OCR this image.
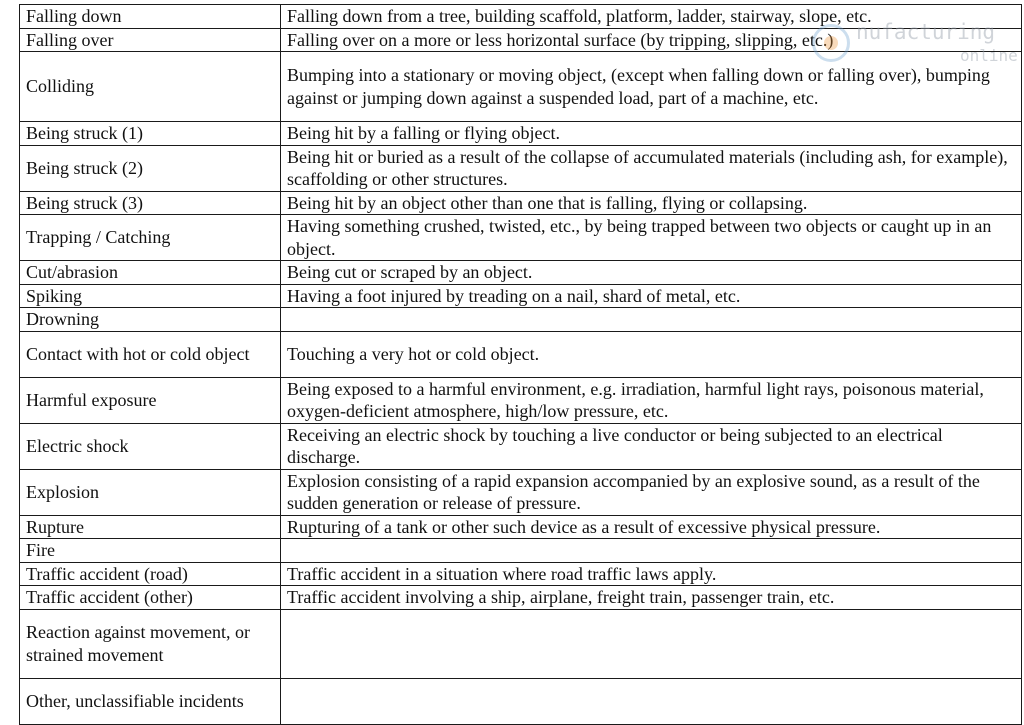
Falling down	Falling down from a tree, building scaffold, platform, ladder, stairway, slope, etc.
Falling over	Falling over on a more or less horizontal surface (by tripping, slipping, etc.)
Colliding	Bumping into a stationary or moving object, (except when falling down or falling over), bumping against or jumping down against a suspended load, part of a machine, etc.
Being struck (1)	Being hit by a falling or flying object.
Being struck (2)	Being hit or buried as a result of the collapse of accumulated materials (including ash, for example), scaffolding or other structures.
Being struck (3)	Being hit by an object other than one that is falling, flying or collapsing.
Trapping / Catching	Having something crushed, twisted, etc., by being trapped between two objects or caught up in an object.
Cut/abrasion	Being cut or scraped by an object.
Spiking	Having a foot injured by treading on a nail, shard of metal, etc.
Drowning	
Contact with hot or cold object	Touching a very hot or cold object.
Harmful exposure	Being exposed to a harmful environment, e.g. irradiation, harmful light rays, poisonous material, oxygen-deficient atmosphere, high/low pressure, etc.
Electric shock	Receiving an electric shock by touching a live conductor or being subjected to an electrical discharge.
Explosion	Explosion consisting of a rapid expansion accompanied by an explosive sound, as a result of the sudden generation or release of pressure.
Rupture	Rupturing of a tank or other such device as a result of excessive physical pressure.
Fire	
Traffic accident (road)	Traffic accident in a situation where road traffic laws apply.
Traffic accident (other)	Traffic accident involving a ship, airplane, freight train, passenger train, etc.
Reaction against movement, or strained movement	
Other, unclassifiable incidents	
nufacturing
online
